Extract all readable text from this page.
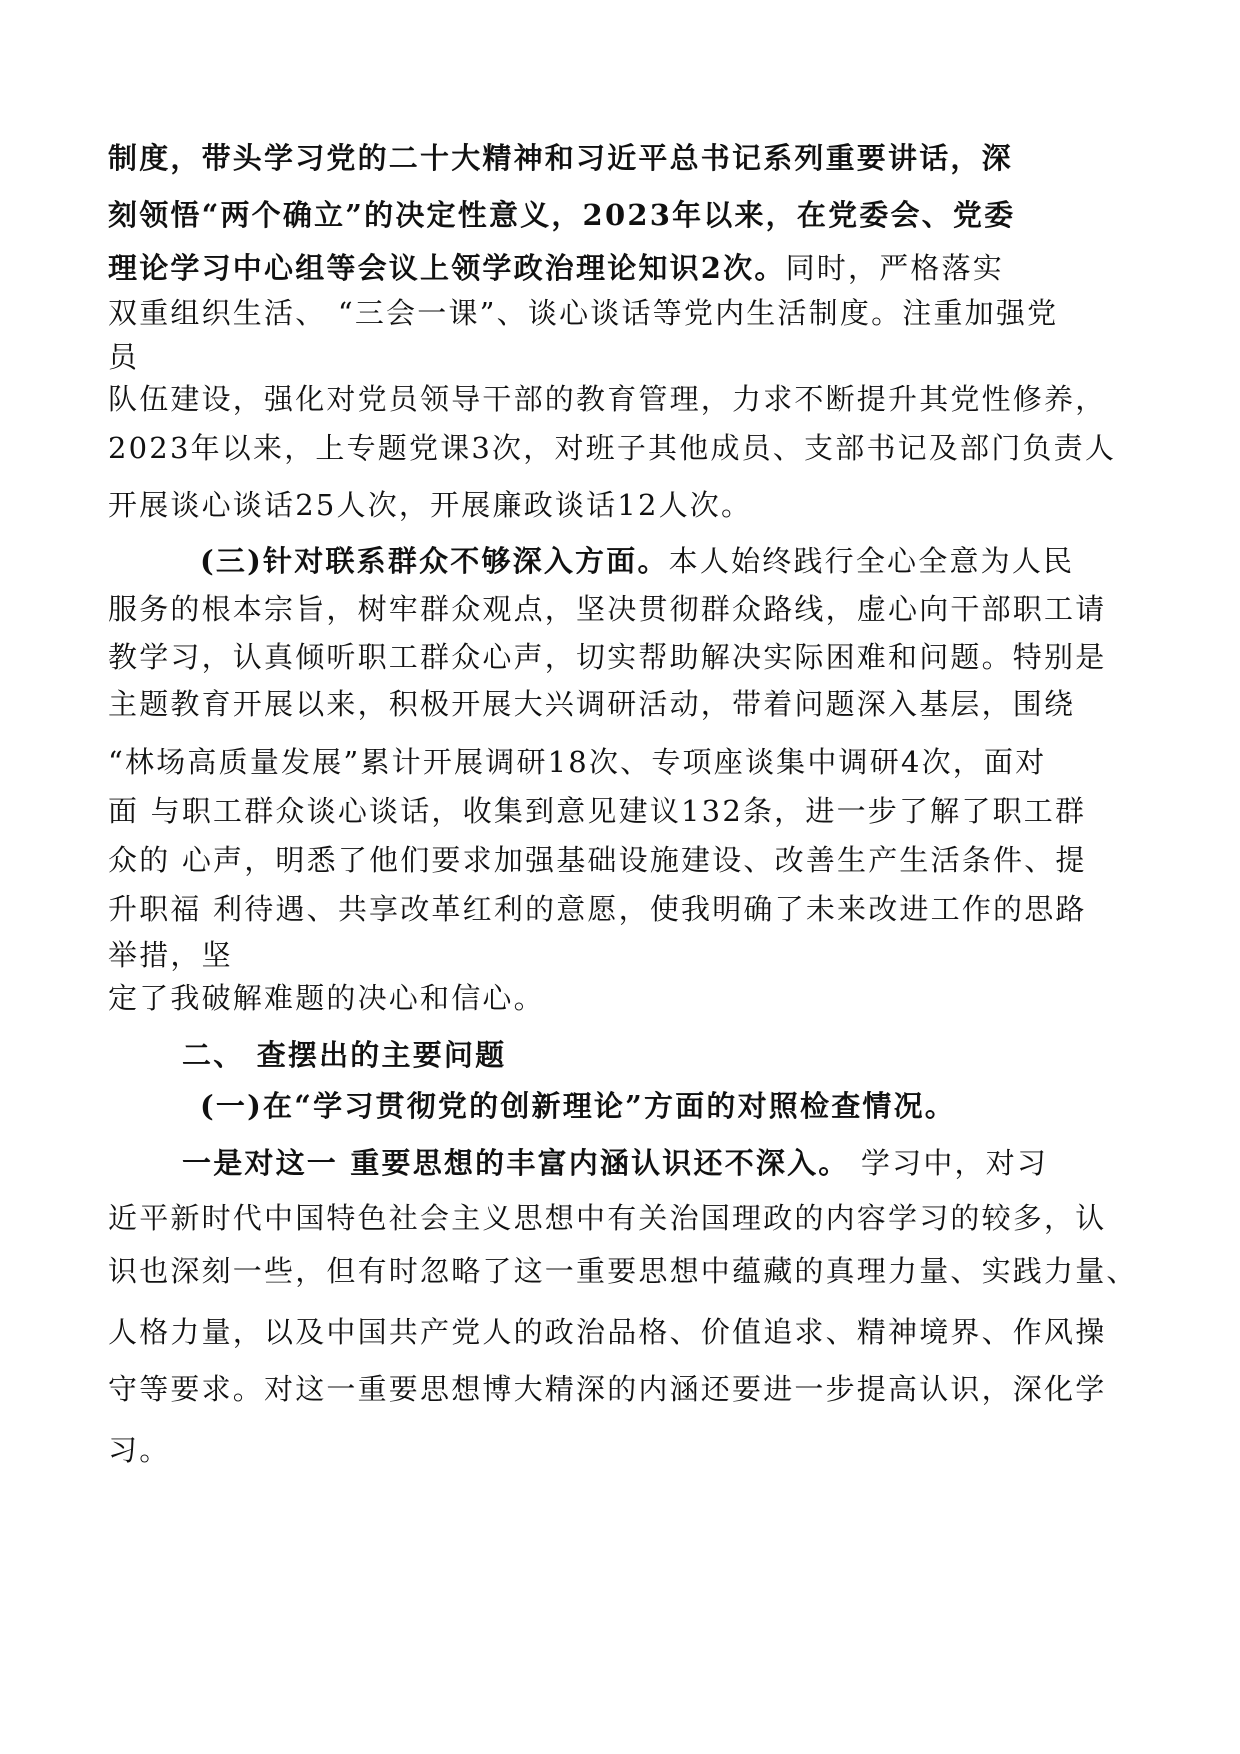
制度，带头学习党的二十大精神和习近平总书记系列重要讲话，深
刻领悟“两个确立”的决定性意义，2023年以来，在党委会、党委
理论学习中心组等会议上领学政治理论知识2次。同时，严格落实
双重组织生活、 “三会一课”、谈心谈话等党内生活制度。注重加强党
员
队伍建设，强化对党员领导干部的教育管理，力求不断提升其党性修养，
2023年以来，上专题党课3次，对班子其他成员、支部书记及部门负责人
开展谈心谈话25人次，开展廉政谈话12人次。
(三)针对联系群众不够深入方面。本人始终践行全心全意为人民
服务的根本宗旨，树牢群众观点，坚决贯彻群众路线，虚心向干部职工请
教学习，认真倾听职工群众心声，切实帮助解决实际困难和问题。特别是
主题教育开展以来，积极开展大兴调研活动，带着问题深入基层，围绕
“林场高质量发展”累计开展调研18次、专项座谈集中调研4次，面对
面 与职工群众谈心谈话，收集到意见建议132条，进一步了解了职工群
众的 心声，明悉了他们要求加强基础设施建设、改善生产生活条件、提
升职福 利待遇、共享改革红利的意愿，使我明确了未来改进工作的思路
举措，坚
定了我破解难题的决心和信心。
二、 查摆出的主要问题
(一)在“学习贯彻党的创新理论”方面的对照检查情况。
一是对这一 重要思想的丰富内涵认识还不深入。 学习中，对习
近平新时代中国特色社会主义思想中有关治国理政的内容学习的较多，认
识也深刻一些，但有时忽略了这一重要思想中蕴藏的真理力量、实践力量、
人格力量，以及中国共产党人的政治品格、价值追求、精神境界、作风操
守等要求。对这一重要思想博大精深的内涵还要进一步提高认识，深化学
习。
